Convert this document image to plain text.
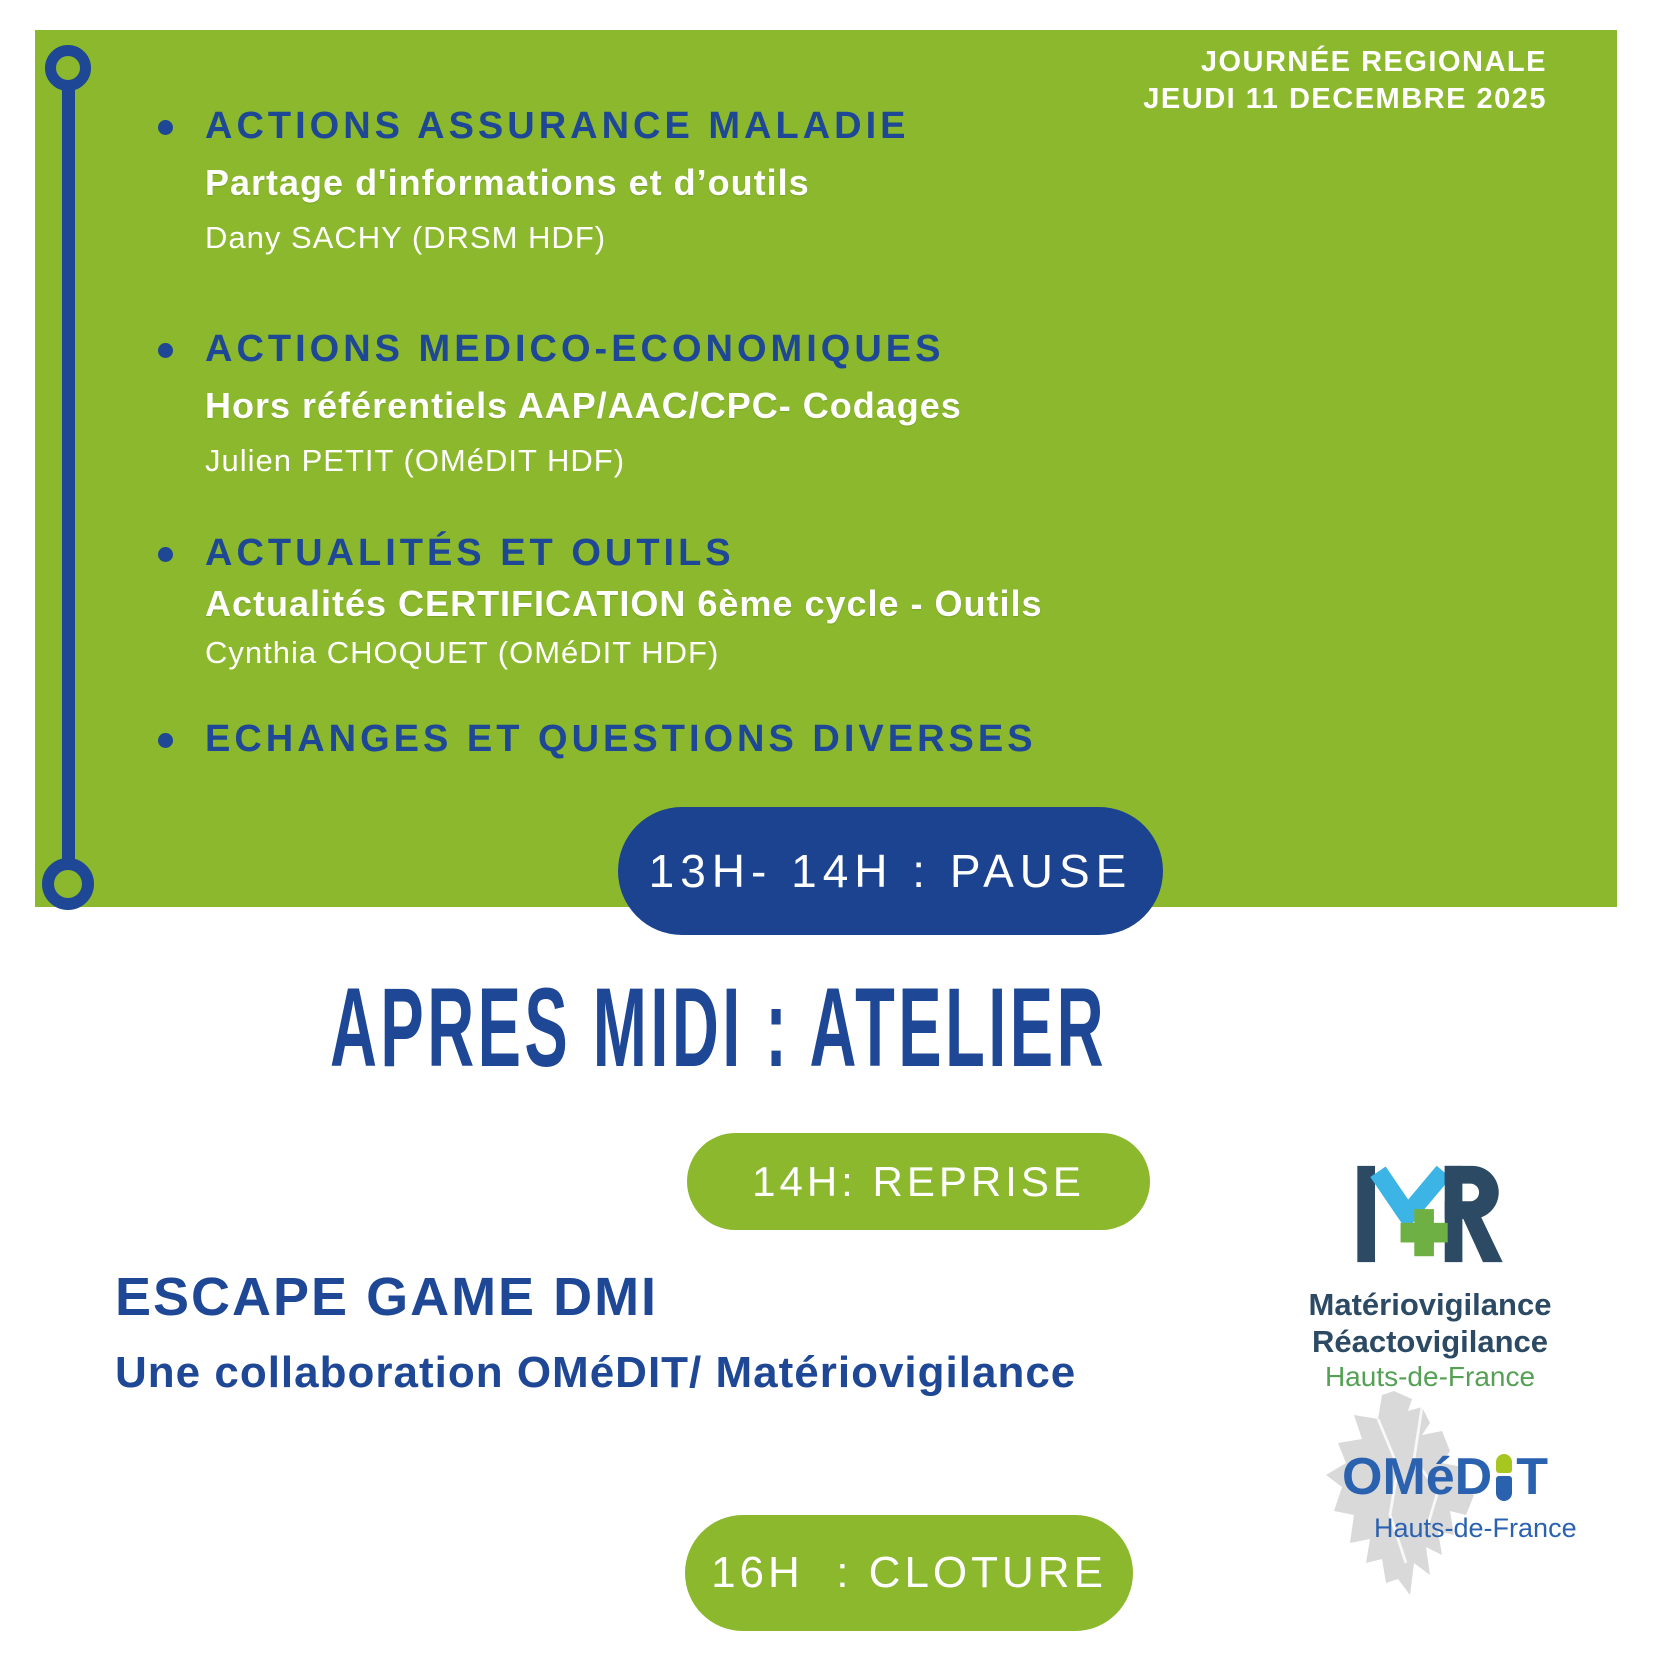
JOURNÉE REGIONALE
JEUDI 11 DECEMBRE 2025
ACTIONS ASSURANCE MALADIE
Partage d'informations et d’outils
Dany SACHY (DRSM HDF)
ACTIONS MEDICO-ECONOMIQUES
Hors référentiels AAP/AAC/CPC- Codages
Julien PETIT (OMéDIT HDF)
ACTUALITÉS ET OUTILS
Actualités CERTIFICATION 6ème cycle - Outils
Cynthia CHOQUET (OMéDIT HDF)
ECHANGES ET QUESTIONS DIVERSES
13H- 14H : PAUSE
APRES MIDI : ATELIER
14H: REPRISE
ESCAPE GAME DMI
Une collaboration OMéDIT/ Matériovigilance
16H  : CLOTURE
Matériovigilance
Réactovigilance
Hauts-de-France
OMéD T
Hauts-de-France
